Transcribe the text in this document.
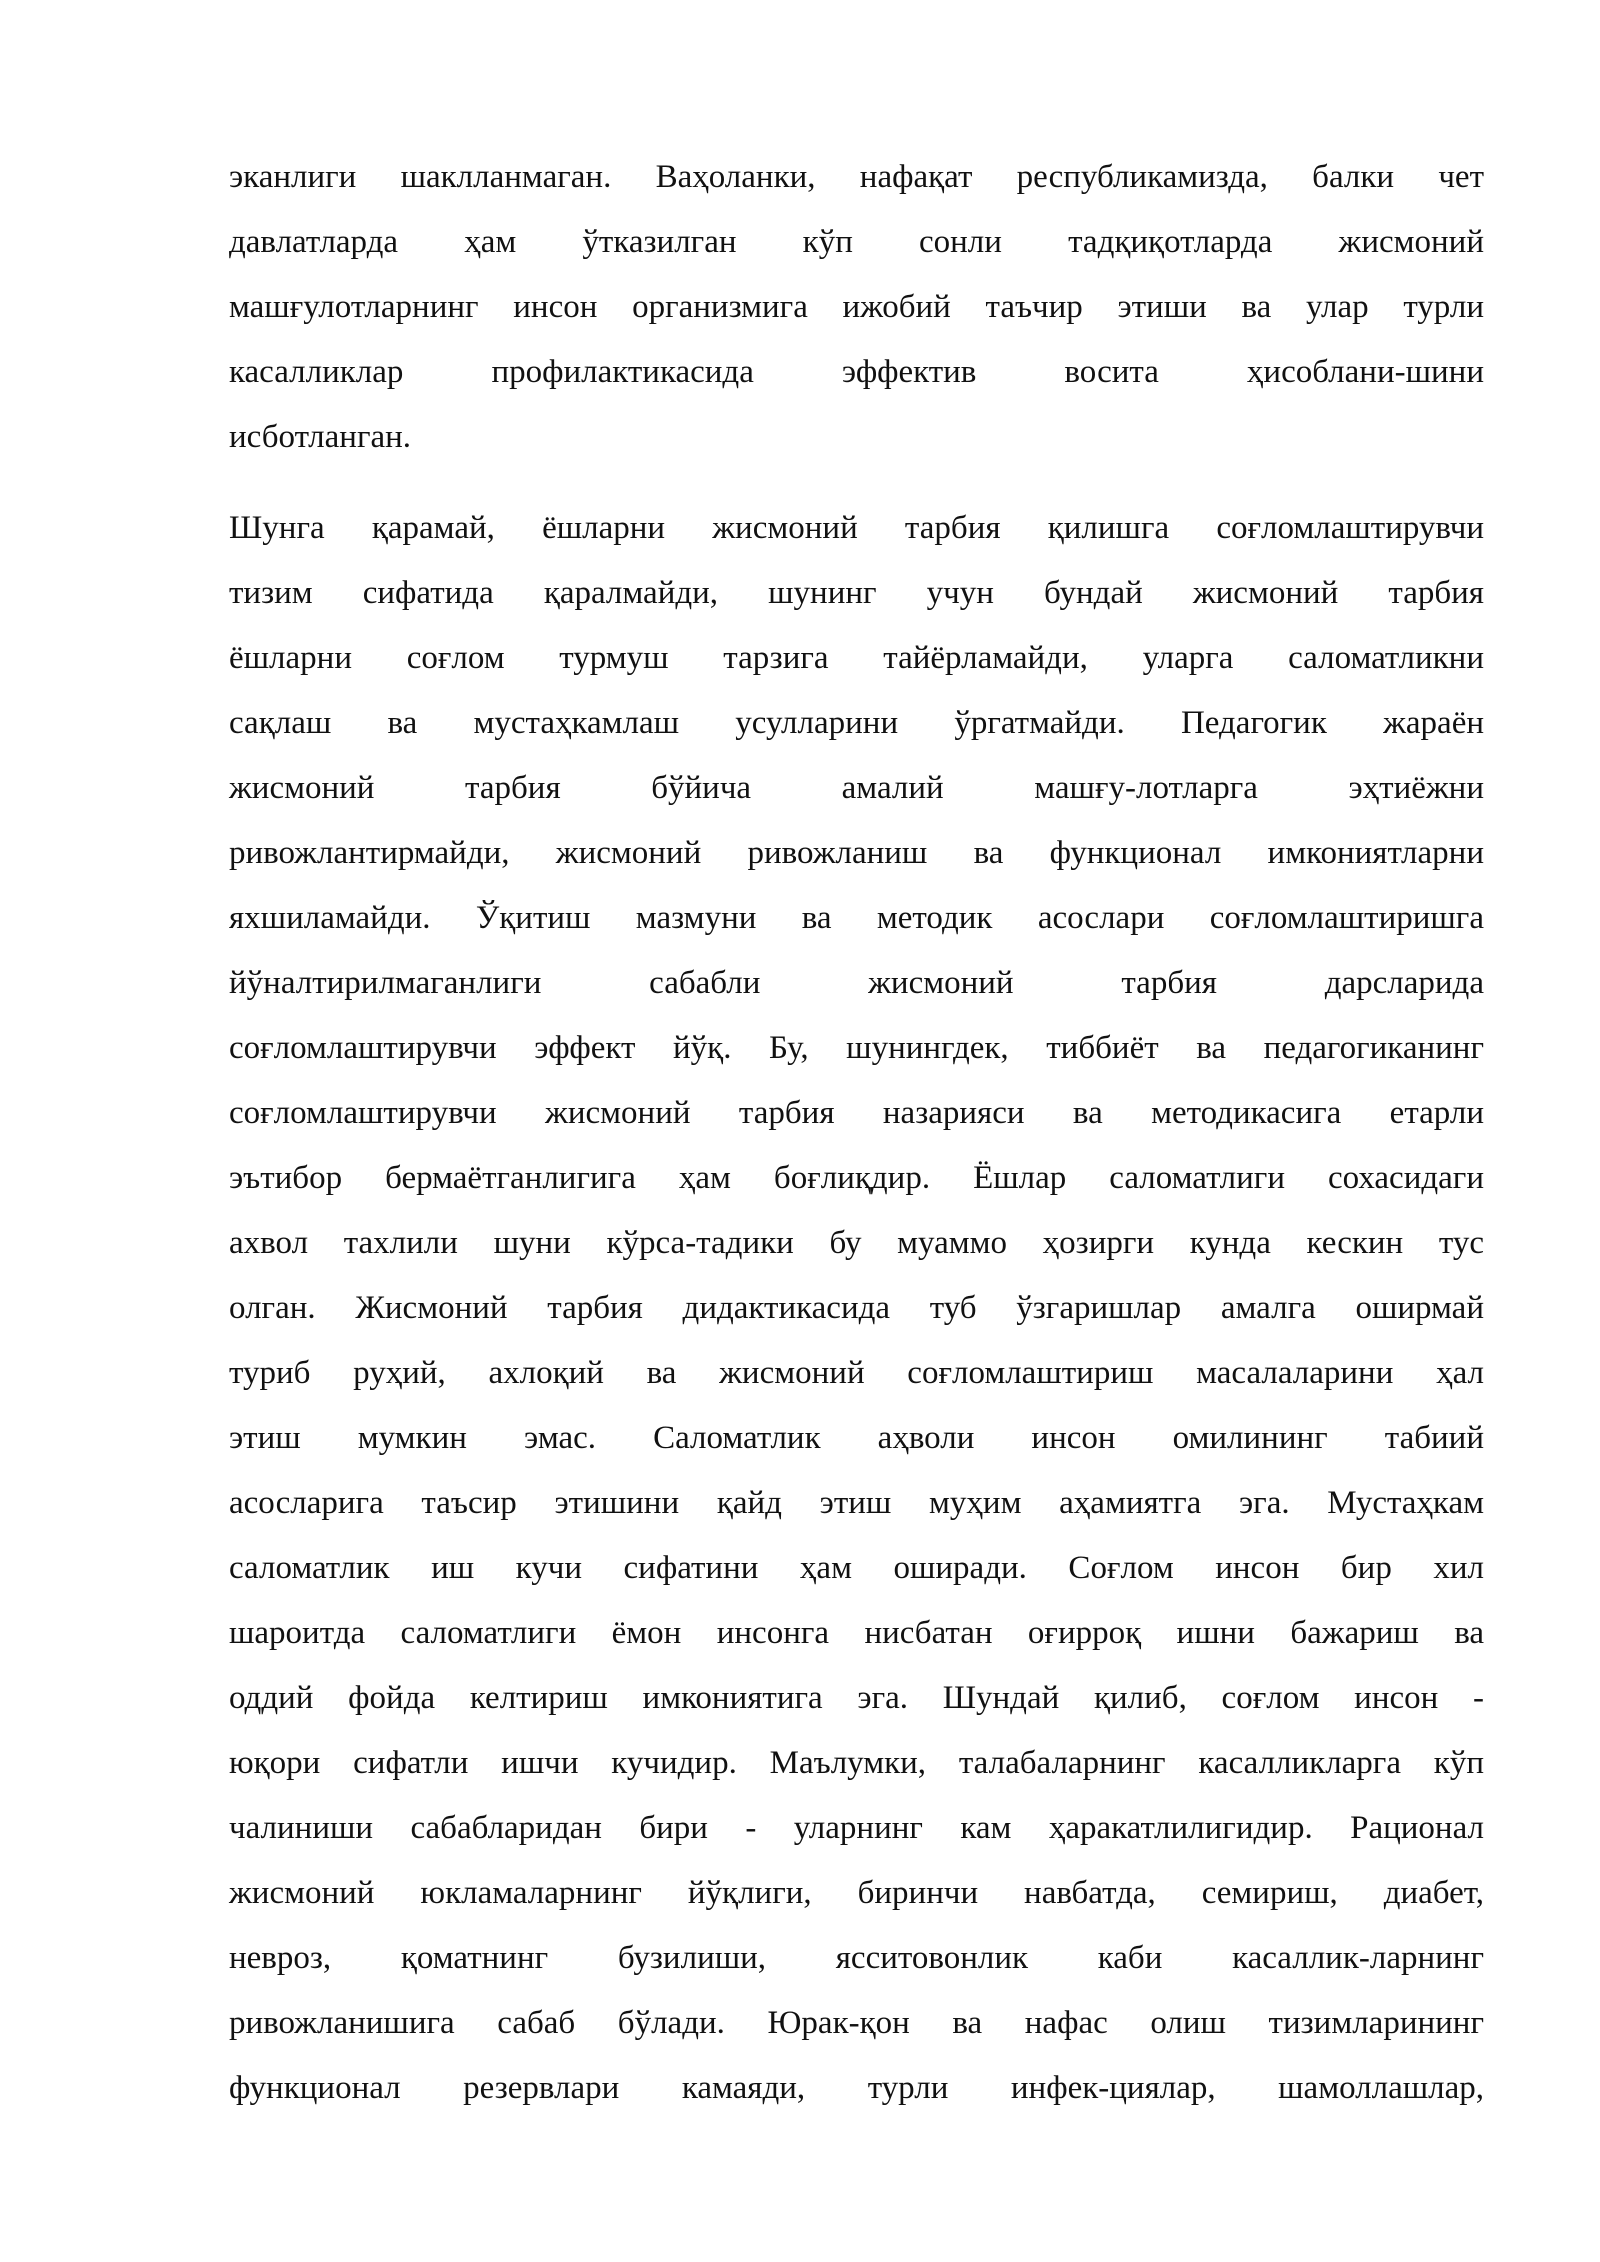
эканлиги шаклланмаган. Ваҳоланки, нафақат республикамизда, балки чет
давлатларда ҳам ўтказилган кўп сонли тадқиқотларда жисмоний
машғулотларнинг инсон организмига ижобий таъчир этиши ва улар турли
касалликлар профилактикасида эффектив восита ҳисоблани-шини
исботланган.
Шунга қарамай, ёшларни жисмоний тарбия қилишга соғломлаштирувчи
тизим сифатида қаралмайди, шунинг учун бундай жисмоний тарбия
ёшларни соғлом турмуш тарзига тайёрламайди, уларга саломатликни
сақлаш ва мустаҳкамлаш усулларини ўргатмайди. Педагогик жараён
жисмоний тарбия бўйича амалий машғу-лотларга эҳтиёжни
ривожлантирмайди, жисмоний ривожланиш ва функционал имкониятларни
яхшиламайди. Ўқитиш мазмуни ва методик асослари соғломлаштиришга
йўналтирилмаганлиги сабабли жисмоний тарбия дарсларида
соғломлаштирувчи эффект йўқ. Бу, шунингдек, тиббиёт ва педагогиканинг
соғломлаштирувчи жисмоний тарбия назарияси ва методикасига етарли
эътибор бермаётганлигига ҳам боғлиқдир. Ёшлар саломатлиги сохасидаги
ахвол тахлили шуни кўрса-тадики бу муаммо ҳозирги кунда кескин тус
олган. Жисмоний тарбия дидактикасида туб ўзгаришлар амалга оширмай
туриб руҳий, ахлоқий ва жисмоний соғломлаштириш масалаларини ҳал
этиш мумкин эмас. Саломатлик аҳволи инсон омилининг табиий
асосларига таъсир этишини қайд этиш муҳим аҳамиятга эга. Мустаҳкам
саломатлик иш кучи сифатини ҳам оширади. Соғлом инсон бир хил
шароитда саломатлиги ёмон инсонга нисбатан оғирроқ ишни бажариш ва
оддий фойда келтириш имкониятига эга. Шундай қилиб, соғлом инсон -
юқори сифатли ишчи кучидир. Маълумки, талабаларнинг касалликларга кўп
чалиниши сабабларидан бири - уларнинг кам ҳаракатлилигидир. Рационал
жисмоний юкламаларнинг йўқлиги, биринчи навбатда, семириш, диабет,
невроз, қоматнинг бузилиши, ясситовонлик каби касаллик-ларнинг
ривожланишига сабаб бўлади. Юрак-қон ва нафас олиш тизимларининг
функционал резервлари камаяди, турли инфек-циялар, шамоллашлар,
